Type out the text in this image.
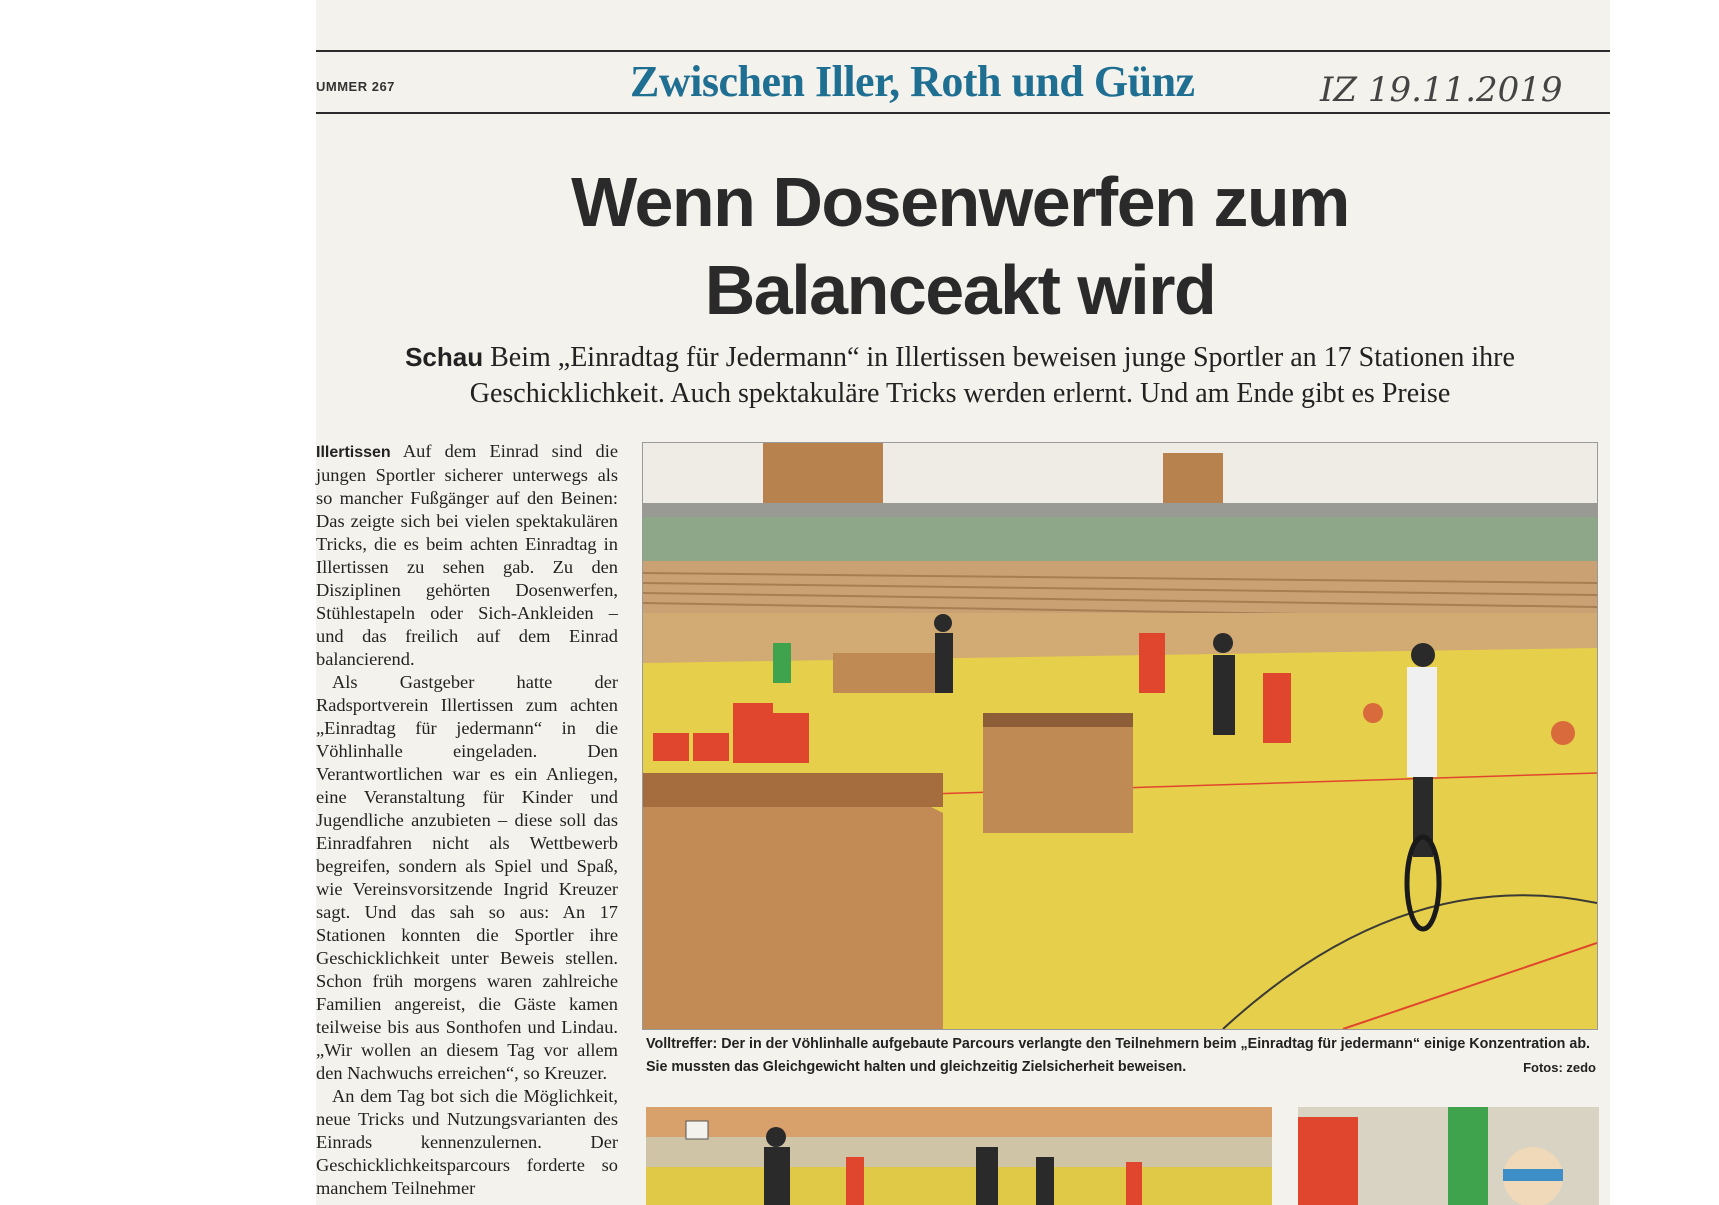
UMMER 267	Zwischen Iller, Roth und Günz	IZ 19.11.2019
Wenn Dosenwerfen zum
Balanceakt wird
Schau Beim „Einradtag für Jedermann“ in Illertissen beweisen junge Sportler an 17 Stationen ihre Geschicklichkeit. Auch spektakuläre Tricks werden erlernt. Und am Ende gibt es Preise

Illertissen Auf dem Einrad sind die jungen Sportler sicherer unterwegs als so mancher Fußgänger auf den Beinen: Das zeigte sich bei vielen spektakulären Tricks, die es beim achten Einradtag in Illertissen zu sehen gab. Zu den Disziplinen gehörten Dosenwerfen, Stühlestapeln oder Sich-Ankleiden – und das freilich auf dem Einrad balancierend.

Als Gastgeber hatte der Radsportverein Illertissen zum achten „Einradtag für jedermann“ in die Vöhlinhalle eingeladen. Den Verantwortlichen war es ein Anliegen, eine Veranstaltung für Kinder und Jugendliche anzubieten – diese soll das Einradfahren nicht als Wettbewerb begreifen, sondern als Spiel und Spaß, wie Vereinsvorsitzende Ingrid Kreuzer sagt. Und das sah so aus: An 17 Stationen konnten die Sportler ihre Geschicklichkeit unter Beweis stellen. Schon früh morgens waren zahlreiche Familien angereist, die Gäste kamen teilweise bis aus Sonthofen und Lindau. „Wir wollen an diesem Tag vor allem den Nachwuchs erreichen“, so Kreuzer.

An dem Tag bot sich die Möglichkeit, neue Tricks und Nutzungsvarianten des Einrads kennenzulernen. Der Geschicklichkeitsparcours forderte so manchem Teilnehmer

Volltreffer: Der in der Vöhlinhalle aufgebaute Parcours verlangte den Teilnehmern beim „Einradtag für jedermann“ einige Konzentration ab. Sie mussten das Gleichgewicht halten und gleichzeitig Zielsicherheit beweisen.	Fotos: zedo
